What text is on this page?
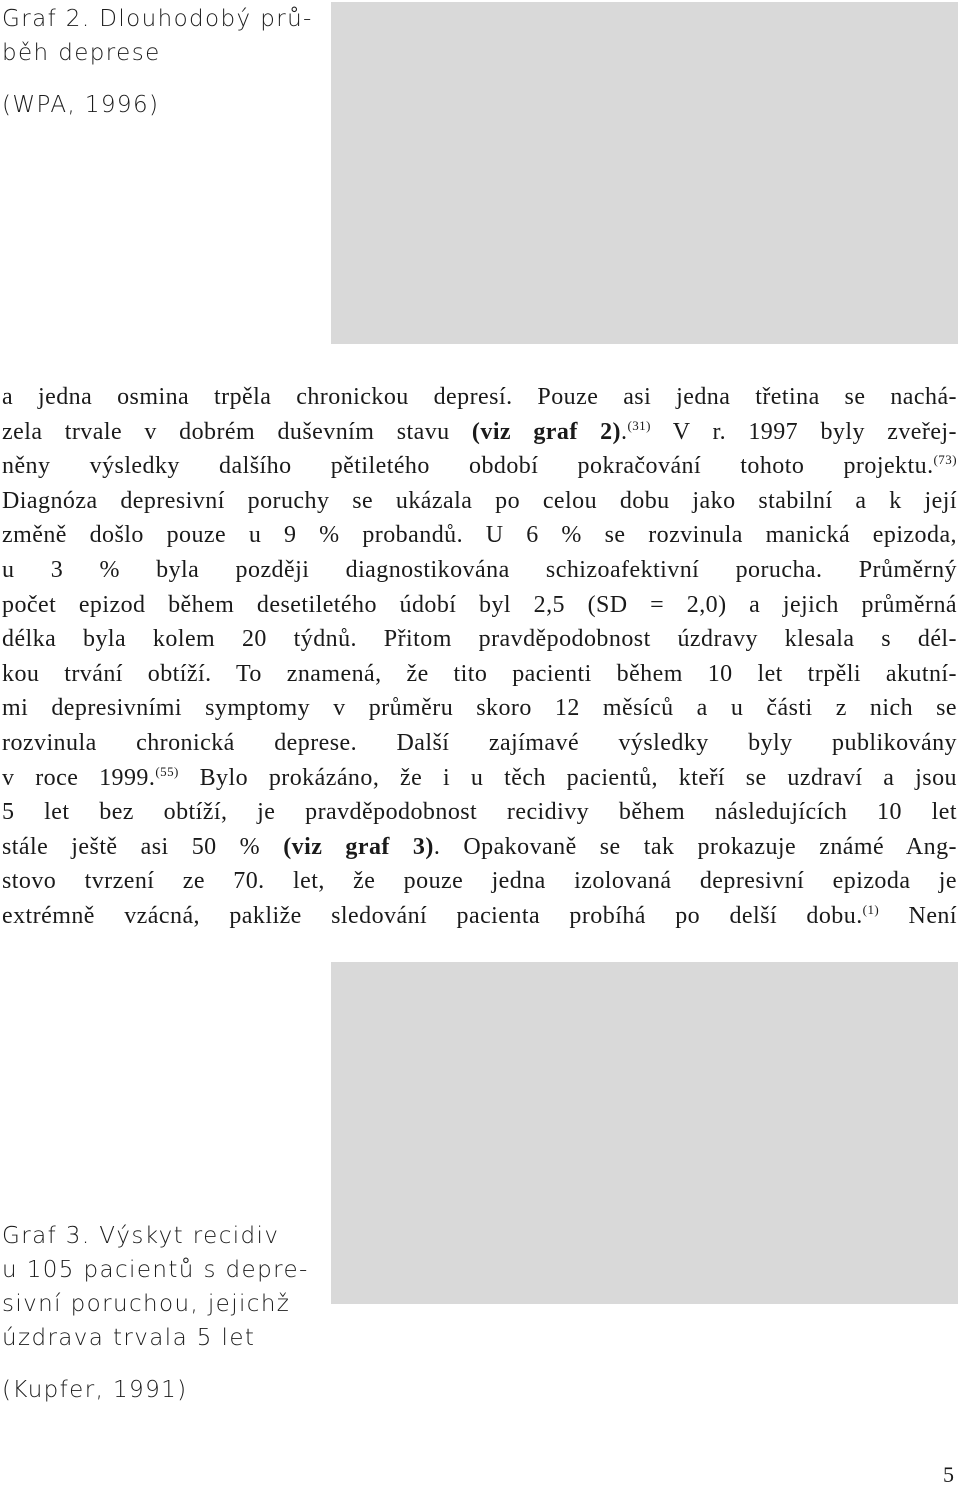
Graf 2. Dlouhodobý prů-

běh deprese

(WPA, 1996)

a jedna osmina trpěla chronickou depresí. Pouze asi jedna třetina se nachá-
zela trvale v dobrém duševním stavu (viz graf 2).$^{(31)}$ V r. 1997 byly zveřej-
něny výsledky dalšího pětiletého období pokračování tohoto projektu.$^{(73)}$
Diagnóza depresivní poruchy se ukázala po celou dobu jako stabilní a k její
změně došlo pouze u 9 % probandů. U 6 % se rozvinula manická epizoda,
u 3 % byla později diagnostikována schizoafektivní porucha. Průměrný
počet epizod během desetiletého údobí byl 2,5 (SD = 2,0) a jejich průměrná
délka byla kolem 20 týdnů. Přitom pravděpodobnost úzdravy klesala s dél-
kou trvání obtíží. To znamená, že tito pacienti během 10 let trpěli akutní-
mi depresivními symptomy v průměru skoro 12 měsíců a u části z nich se
rozvinula chronická deprese. Další zajímavé výsledky byly publikovány
v roce 1999.$^{(55)}$ Bylo prokázáno, že i u těch pacientů, kteří se uzdraví a jsou
5 let bez obtíží, je pravděpodobnost recidivy během následujících 10 let
stále ještě asi 50 % (viz graf 3). Opakovaně se tak prokazuje známé Ang-
stovo tvrzení ze 70. let, že pouze jedna izolovaná depresivní epizoda je
extrémně vzácná, pakliže sledování pacienta probíhá po delší dobu.$^{(1)}$ Není

Graf 3. Výskyt recidiv

u 105 pacientů s depre-

sivní poruchou, jejichž

úzdrava trvala 5 let

(Kupfer, 1991)

5
